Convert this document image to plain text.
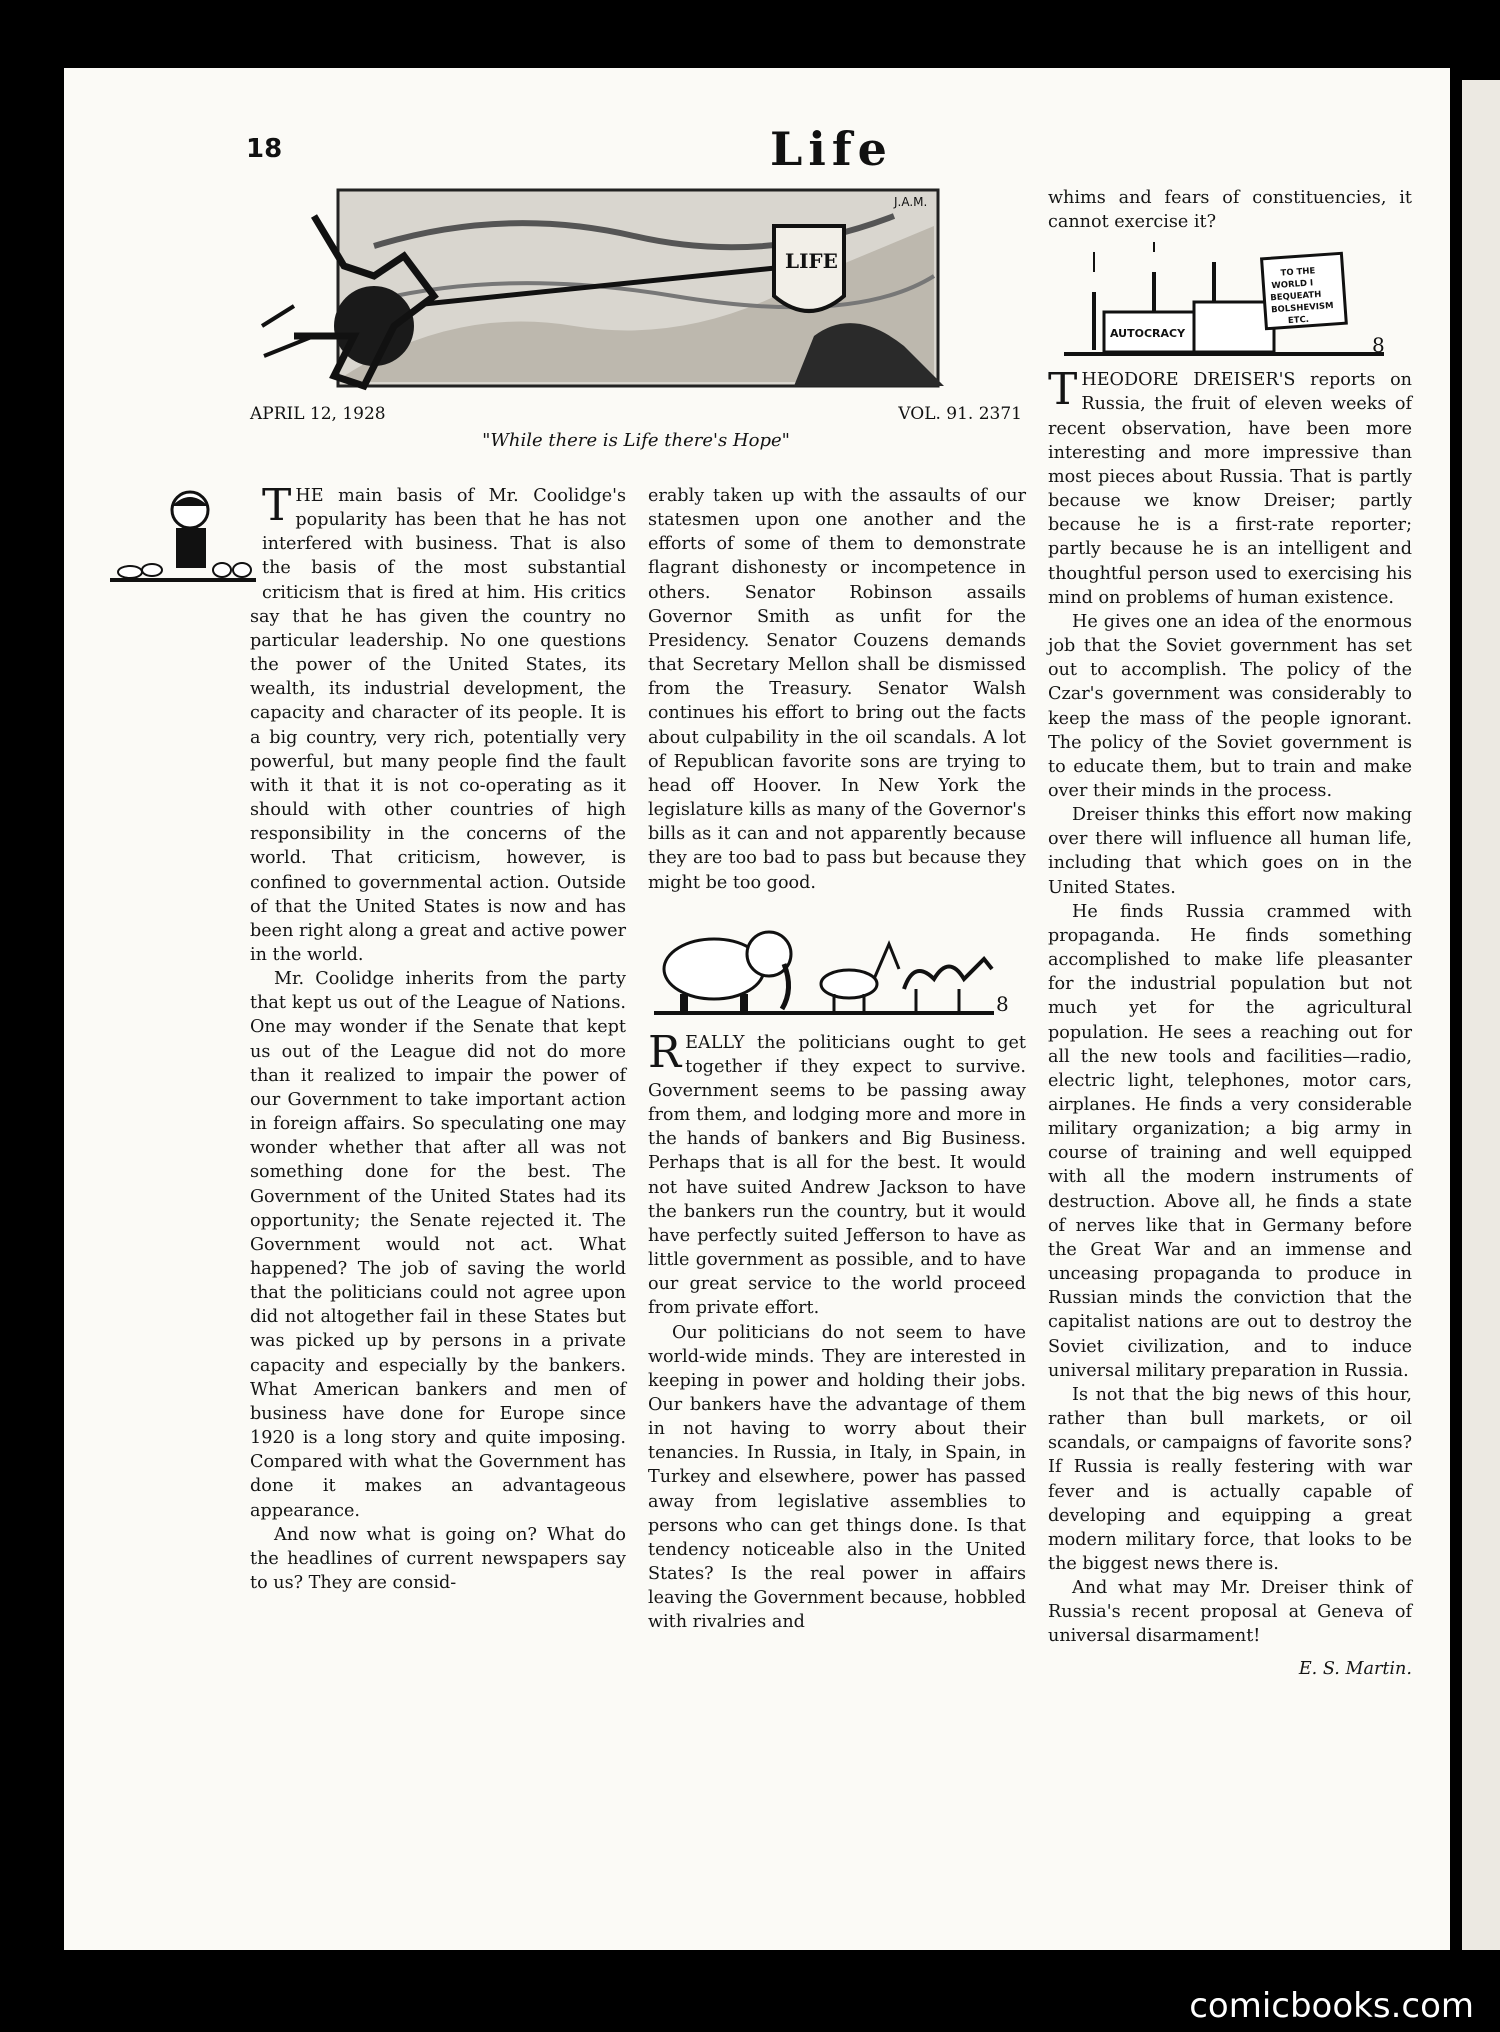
18	Life
LIFE
J.A.M.
APRIL 12, 1928	VOL. 91. 2371
"While there is Life there's Hope"

THE main basis of Mr. Coolidge's popularity has been that he has not interfered with business. That is also the basis of the most substantial criticism that is fired at him. His critics say that he has given the country no particular leadership. No one questions the power of the United States, its wealth, its industrial development, the capacity and character of its people. It is a big country, very rich, potentially very powerful, but many people find the fault with it that it is not co-operating as it should with other countries of high responsibility in the concerns of the world. That criticism, however, is confined to governmental action. Outside of that the United States is now and has been right along a great and active power in the world.

Mr. Coolidge inherits from the party that kept us out of the League of Nations. One may wonder if the Senate that kept us out of the League did not do more than it realized to impair the power of our Government to take important action in foreign affairs. So speculating one may wonder whether that after all was not something done for the best. The Government of the United States had its opportunity; the Senate rejected it. The Government would not act. What happened? The job of saving the world that the politicians could not agree upon did not altogether fail in these States but was picked up by persons in a private capacity and especially by the bankers. What American bankers and men of business have done for Europe since 1920 is a long story and quite imposing. Compared with what the Government has done it makes an advantageous appearance.

And now what is going on? What do the headlines of current newspapers say to us? They are consid-

erably taken up with the assaults of our statesmen upon one another and the efforts of some of them to demonstrate flagrant dishonesty or incompetence in others. Senator Robinson assails Governor Smith as unfit for the Presidency. Senator Couzens demands that Secretary Mellon shall be dismissed from the Treasury. Senator Walsh continues his effort to bring out the facts about culpability in the oil scandals. A lot of Republican favorite sons are trying to head off Hoover. In New York the legislature kills as many of the Governor's bills as it can and not apparently because they are too bad to pass but because they might be too good.

8

REALLY the politicians ought to get together if they expect to survive. Government seems to be passing away from them, and lodging more and more in the hands of bankers and Big Business. Perhaps that is all for the best. It would not have suited Andrew Jackson to have the bankers run the country, but it would have perfectly suited Jefferson to have as little government as possible, and to have our great service to the world proceed from private effort.

Our politicians do not seem to have world-wide minds. They are interested in keeping in power and holding their jobs. Our bankers have the advantage of them in not having to worry about their tenancies. In Russia, in Italy, in Spain, in Turkey and elsewhere, power has passed away from legislative assemblies to persons who can get things done. Is that tendency noticeable also in the United States? Is the real power in affairs leaving the Government because, hobbled with rivalries and

whims and fears of constituencies, it cannot exercise it?

AUTOCRACY
TO THEWORLD IBEQUEATHBOLSHEVISMETC.
8

THEODORE DREISER'S reports on Russia, the fruit of eleven weeks of recent observation, have been more interesting and more impressive than most pieces about Russia. That is partly because we know Dreiser; partly because he is a first-rate reporter; partly because he is an intelligent and thoughtful person used to exercising his mind on problems of human existence.

He gives one an idea of the enormous job that the Soviet government has set out to accomplish. The policy of the Czar's government was considerably to keep the mass of the people ignorant. The policy of the Soviet government is to educate them, but to train and make over their minds in the process.

Dreiser thinks this effort now making over there will influence all human life, including that which goes on in the United States.

He finds Russia crammed with propaganda. He finds something accomplished to make life pleasanter for the industrial population but not much yet for the agricultural population. He sees a reaching out for all the new tools and facilities—radio, electric light, telephones, motor cars, airplanes. He finds a very considerable military organization; a big army in course of training and well equipped with all the modern instruments of destruction. Above all, he finds a state of nerves like that in Germany before the Great War and an immense and unceasing propaganda to produce in Russian minds the conviction that the capitalist nations are out to destroy the Soviet civilization, and to induce universal military preparation in Russia.

Is not that the big news of this hour, rather than bull markets, or oil scandals, or campaigns of favorite sons? If Russia is really festering with war fever and is actually capable of developing and equipping a great modern military force, that looks to be the biggest news there is.

And what may Mr. Dreiser think of Russia's recent proposal at Geneva of universal disarmament!

E. S. Martin.
comicbooks.com
